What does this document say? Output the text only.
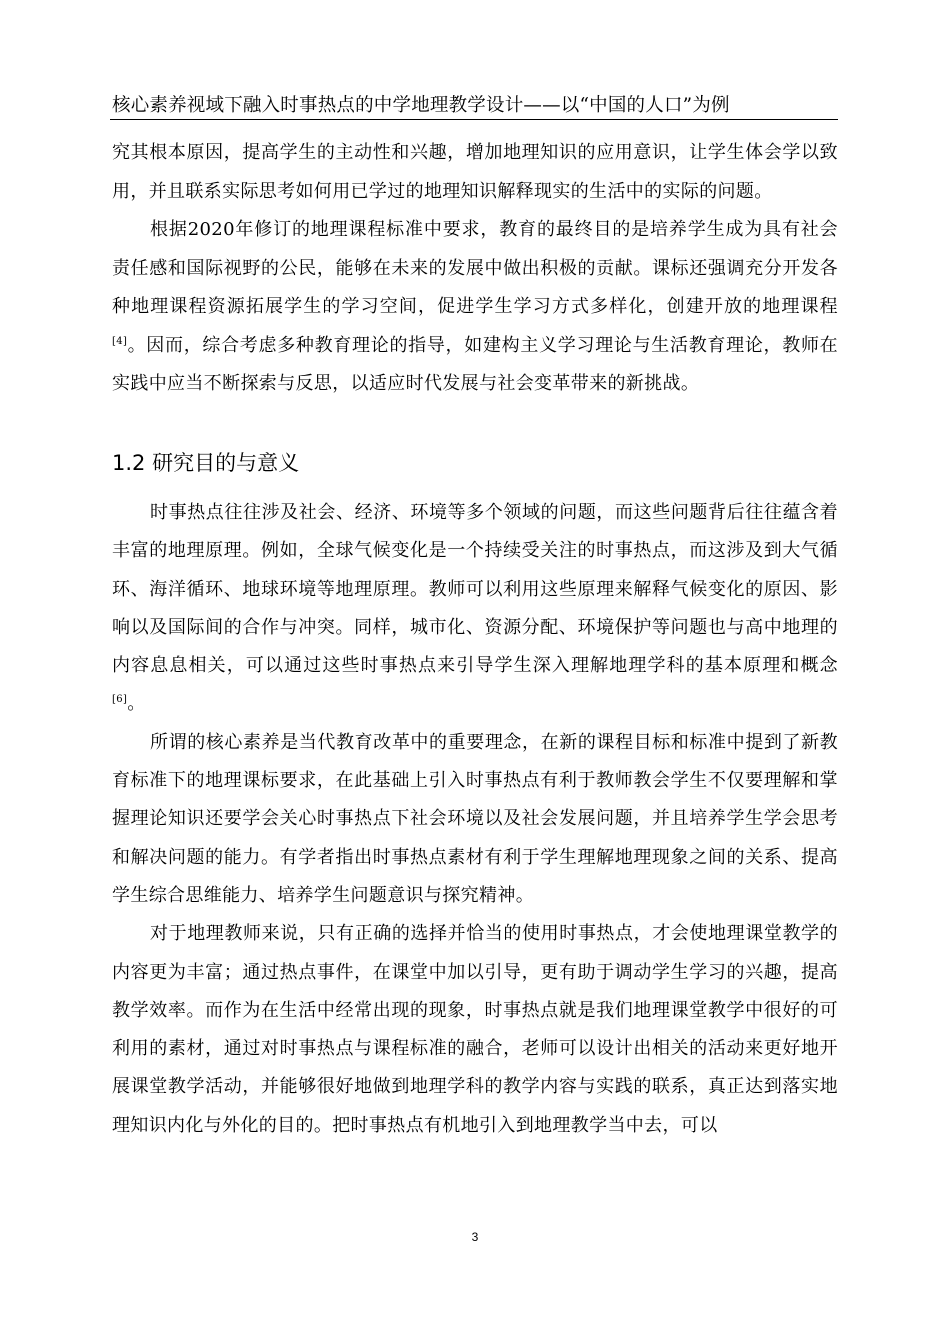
核心素养视域下融入时事热点的中学地理教学设计——以“中国的人口”为例

究其根本原因，提高学生的主动性和兴趣，增加地理知识的应用意识，让学生体会学以致用，并且联系实际思考如何用已学过的地理知识解释现实的生活中的实际的问题。

根据2020年修订的地理课程标准中要求，教育的最终目的是培养学生成为具有社会责任感和国际视野的公民，能够在未来的发展中做出积极的贡献。课标还强调充分开发各种地理课程资源拓展学生的学习空间，促进学生学习方式多样化，创建开放的地理课程[4]。因而，综合考虑多种教育理论的指导，如建构主义学习理论与生活教育理论，教师在实践中应当不断探索与反思，以适应时代发展与社会变革带来的新挑战。

1.2 研究目的与意义

时事热点往往涉及社会、经济、环境等多个领域的问题，而这些问题背后往往蕴含着丰富的地理原理。例如，全球气候变化是一个持续受关注的时事热点，而这涉及到大气循环、海洋循环、地球环境等地理原理。教师可以利用这些原理来解释气候变化的原因、影响以及国际间的合作与冲突。同样，城市化、资源分配、环境保护等问题也与高中地理的内容息息相关，可以通过这些时事热点来引导学生深入理解地理学科的基本原理和概念[6]。

所谓的核心素养是当代教育改革中的重要理念，在新的课程目标和标准中提到了新教育标准下的地理课标要求，在此基础上引入时事热点有利于教师教会学生不仅要理解和掌握理论知识还要学会关心时事热点下社会环境以及社会发展问题，并且培养学生学会思考和解决问题的能力。有学者指出时事热点素材有利于学生理解地理现象之间的关系、提高学生综合思维能力、培养学生问题意识与探究精神。

对于地理教师来说，只有正确的选择并恰当的使用时事热点，才会使地理课堂教学的内容更为丰富；通过热点事件，在课堂中加以引导，更有助于调动学生学习的兴趣，提高教学效率。而作为在生活中经常出现的现象，时事热点就是我们地理课堂教学中很好的可利用的素材，通过对时事热点与课程标准的融合，老师可以设计出相关的活动来更好地开展课堂教学活动，并能够很好地做到地理学科的教学内容与实践的联系，真正达到落实地理知识内化与外化的目的。把时事热点有机地引入到地理教学当中去，可以

3
